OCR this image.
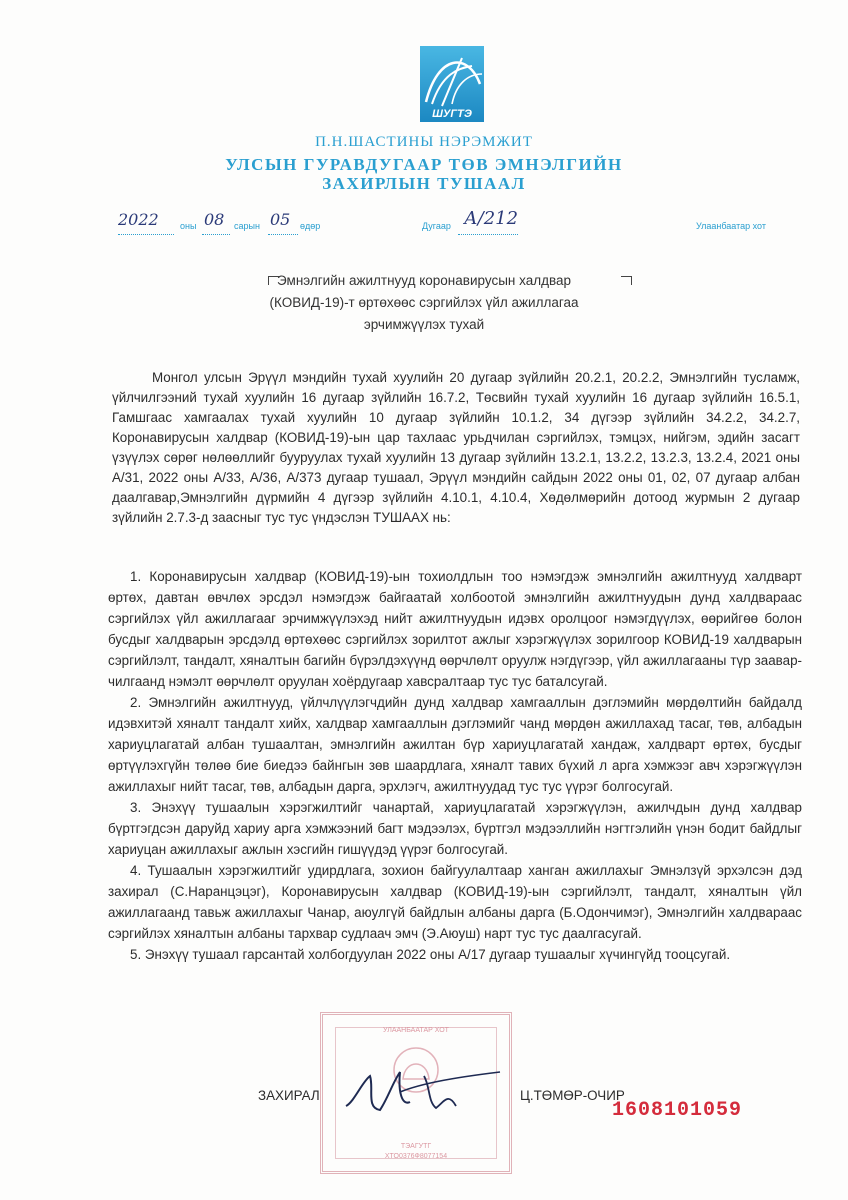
ШУГТЭ
П.Н.ШАСТИНЫ НЭРЭМЖИТ
УЛСЫН ГУРАВДУГААР ТӨВ ЭМНЭЛГИЙН
ЗАХИРЛЫН ТУШААЛ
2022 оны 08 сарын 05 өдөр	Дугаар А/212	Улаанбаатар хот
Эмнэлгийн ажилтнууд коронавирусын халдвар
(КОВИД-19)-т өртөхөөс сэргийлэх үйл ажиллагаа
эрчимжүүлэх тухай

Монгол улсын Эрүүл мэндийн тухай хуулийн 20 дугаар зүйлийн 20.2.1, 20.2.2, Эмнэлгийн тусламж, үйлчилгээний тухай хуулийн 16 дугаар зүйлийн 16.7.2, Төсвийн тухай хуулийн 16 дугаар зүйлийн 16.5.1, Гамшгаас хамгаалах тухай хуулийн 10 дугаар зүйлийн 10.1.2, 34 дүгээр зүйлийн 34.2.2, 34.2.7, Коронавирусын халдвар (КОВИД-19)-ын цар тахлаас урьдчилан сэргийлэх, тэмцэх, нийгэм, эдийн засагт үзүүлэх сөрөг нөлөөллийг бууруулах тухай хуулийн 13 дугаар зүйлийн 13.2.1, 13.2.2, 13.2.3, 13.2.4, 2021 оны А/31, 2022 оны А/33, А/36, А/373 дугаар тушаал, Эрүүл мэндийн сайдын 2022 оны 01, 02, 07 дугаар албан даалгавар,Эмнэлгийн дүрмийн 4 дүгээр зүйлийн 4.10.1, 4.10.4, Хөдөлмөрийн дотоод журмын 2 дугаар зүйлийн 2.7.3-д заасныг тус тус үндэслэн ТУШААХ нь:

1. Коронавирусын халдвар (КОВИД-19)-ын тохиолдлын тоо нэмэгдэж эмнэлгийн ажилтнууд халдварт өртөх, давтан өвчлөх эрсдэл нэмэгдэж байгаатай холбоотой эмнэлгийн ажилтнуудын дунд халдвараас сэргийлэх үйл ажиллагааг эрчимжүүлэхэд нийт ажилтнуудын идэвх оролцоог нэмэгдүүлэх, өөрийгөө болон бусдыг халдварын эрсдэлд өртөхөөс сэргийлэх зорилтот ажлыг хэрэгжүүлэх зорилгоор КОВИД-19 халдварын сэргийлэлт, тандалт, хяналтын багийн бүрэлдэхүүнд өөрчлөлт оруулж нэгдүгээр, үйл ажиллагааны түр зааварчилгаанд нэмэлт өөрчлөлт оруулан хоёрдугаар хавсралтаар тус тус баталсугай.

2. Эмнэлгийн ажилтнууд, үйлчлүүлэгчдийн дунд халдвар хамгааллын дэглэмийн мөрдөлтийн байдалд идэвхитэй хяналт тандалт хийх, халдвар хамгааллын дэглэмийг чанд мөрдөн ажиллахад тасаг, төв, албадын хариуцлагатай албан тушаалтан, эмнэлгийн ажилтан бүр хариуцлагатай хандаж, халдварт өртөх, бусдыг өртүүлэхгүйн төлөө бие биедээ байнгын зөв шаардлага, хяналт тавих бүхий л арга хэмжээг авч хэрэгжүүлэн ажиллахыг нийт тасаг, төв, албадын дарга, эрхлэгч, ажилтнуудад тус тус үүрэг болгосугай.

3. Энэхүү тушаалын хэрэгжилтийг чанартай, хариуцлагатай хэрэгжүүлэн, ажилчдын дунд халдвар бүртгэгдсэн даруйд хариу арга хэмжээний багт мэдээлэх, бүртгэл мэдээллийн нэгтгэлийн үнэн бодит байдлыг хариуцан ажиллахыг ажлын хэсгийн гишүүдэд үүрэг болгосугай.

4. Тушаалын хэрэгжилтийг удирдлага, зохион байгуулалтаар ханган ажиллахыг Эмнэлзүй эрхэлсэн дэд захирал (С.Наранцэцэг), Коронавирусын халдвар (КОВИД-19)-ын сэргийлэлт, тандалт, хяналтын үйл ажиллагаанд тавьж ажиллахыг Чанар, аюулгүй байдлын албаны дарга (Б.Одончимэг), Эмнэлгийн халдвараас сэргийлэх хяналтын албаны тархвар судлаач эмч (Э.Аюуш) нарт тус тус даалгасугай.

5. Энэхүү тушаал гарсантай холбогдуулан 2022 оны А/17 дугаар тушаалыг хүчингүйд тооцсугай.

УЛААНБААТАР ХОТ
ТЭАГУТГ
ХТО0376Ф8077154
ЗАХИРАЛ	Ц.ТӨМӨР-ОЧИР
1608101059
